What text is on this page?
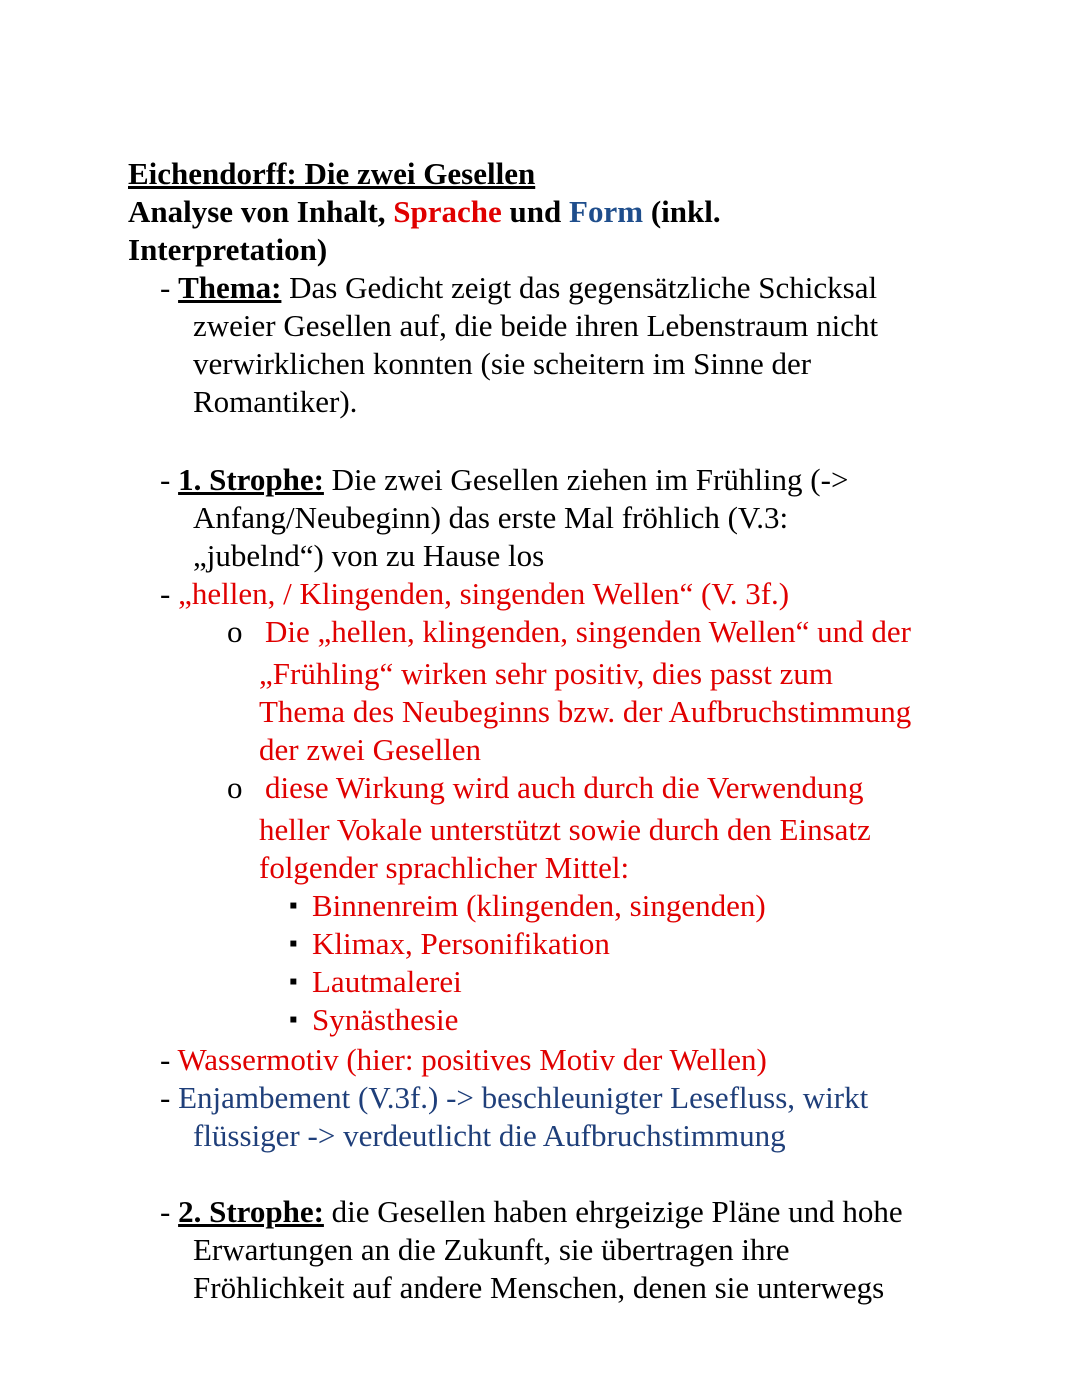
Eichendorff: Die zwei Gesellen
Analyse von Inhalt, Sprache und Form (inkl.
Interpretation)
- Thema: Das Gedicht zeigt das gegensätzliche Schicksal
zweier Gesellen auf, die beide ihren Lebenstraum nicht
verwirklichen konnten (sie scheitern im Sinne der
Romantiker).
- 1. Strophe: Die zwei Gesellen ziehen im Frühling (->
Anfang/Neubeginn) das erste Mal fröhlich (V.3:
„jubelnd“) von zu Hause los
- „hellen, / Klingenden, singenden Wellen“ (V. 3f.)
o Die „hellen, klingenden, singenden Wellen“ und der
„Frühling“ wirken sehr positiv, dies passt zum
Thema des Neubeginns bzw. der Aufbruchstimmung
der zwei Gesellen
o diese Wirkung wird auch durch die Verwendung
heller Vokale unterstützt sowie durch den Einsatz
folgender sprachlicher Mittel:
▪ Binnenreim (klingenden, singenden)
▪ Klimax, Personifikation
▪ Lautmalerei
▪ Synästhesie
- Wassermotiv (hier: positives Motiv der Wellen)
- Enjambement (V.3f.) -> beschleunigter Lesefluss, wirkt
flüssiger -> verdeutlicht die Aufbruchstimmung
- 2. Strophe: die Gesellen haben ehrgeizige Pläne und hohe
Erwartungen an die Zukunft, sie übertragen ihre
Fröhlichkeit auf andere Menschen, denen sie unterwegs
